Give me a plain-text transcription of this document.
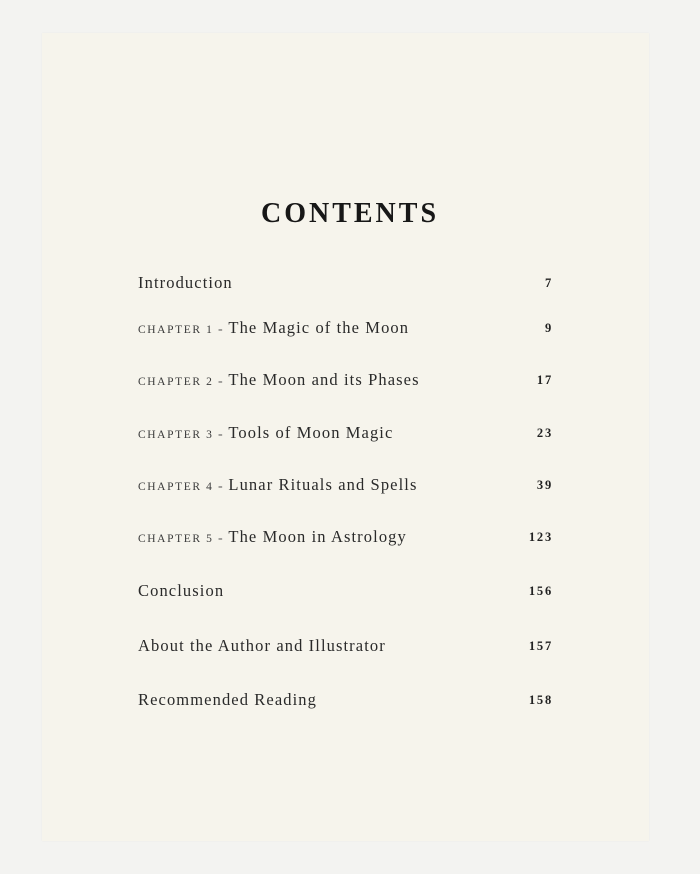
CONTENTS
Introduction	7
CHAPTER 1 - The Magic of the Moon	9
CHAPTER 2 - The Moon and its Phases	17
CHAPTER 3 - Tools of Moon Magic	23
CHAPTER 4 - Lunar Rituals and Spells	39
CHAPTER 5 - The Moon in Astrology	123
Conclusion	156
About the Author and Illustrator	157
Recommended Reading	158
